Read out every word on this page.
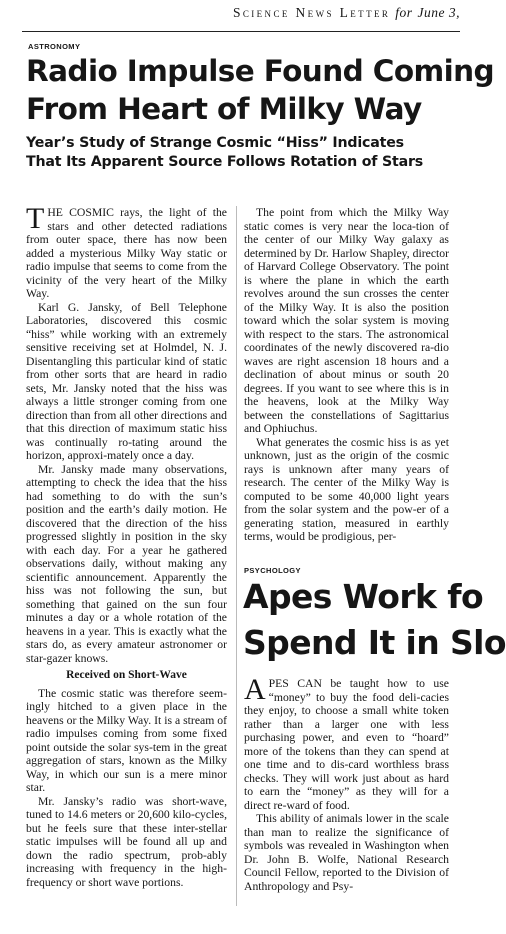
Science News Letter for June 3,
ASTRONOMY
Radio Impulse Found Coming
From Heart of Milky Way
Year’s Study of Strange Cosmic “Hiss” Indicates
That Its Apparent Source Follows Rotation of Stars

THE COSMIC rays, the light of the stars and other detected radiations from outer space, there has now been added a mysterious Milky Way static or radio impulse that seems to come from the vicinity of the very heart of the Milky Way.

Karl G. Jansky, of Bell Telephone Laboratories, discovered this cosmic “hiss” while working with an extremely sensitive receiving set at Holmdel, N. J. Disentangling this particular kind of static from other sorts that are heard in radio sets, Mr. Jansky noted that the hiss was always a little stronger coming from one direction than from all other directions and that this direction of maximum static hiss was continually ro-tating around the horizon, approxi-mately once a day.

Mr. Jansky made many observations, attempting to check the idea that the hiss had something to do with the sun’s position and the earth’s daily motion. He discovered that the direction of the hiss progressed slightly in position in the sky with each day. For a year he gathered observations daily, without making any scientific announcement. Apparently the hiss was not following the sun, but something that gained on the sun four minutes a day or a whole rotation of the heavens in a year. This is exactly what the stars do, as every amateur astronomer or star-gazer knows.

Received on Short-Wave

The cosmic static was therefore seem-ingly hitched to a given place in the heavens or the Milky Way. It is a stream of radio impulses coming from some fixed point outside the solar sys-tem in the great aggregation of stars, known as the Milky Way, in which our sun is a mere minor star.

Mr. Jansky’s radio was short-wave, tuned to 14.6 meters or 20,600 kilo-cycles, but he feels sure that these inter-stellar static impulses will be found all up and down the radio spectrum, prob-ably increasing with frequency in the high-frequency or short wave portions.

The point from which the Milky Way static comes is very near the loca-tion of the center of our Milky Way galaxy as determined by Dr. Harlow Shapley, director of Harvard College Observatory. The point is where the plane in which the earth revolves around the sun crosses the center of the Milky Way. It is also the position toward which the solar system is moving with respect to the stars. The astronomical coordinates of the newly discovered ra-dio waves are right ascension 18 hours and a declination of about minus or south 20 degrees. If you want to see where this is in the heavens, look at the Milky Way between the constellations of Sagittarius and Ophiuchus.

What generates the cosmic hiss is as yet unknown, just as the origin of the cosmic rays is unknown after many years of research. The center of the Milky Way is computed to be some 40,000 light years from the solar system and the pow-er of a generating station, measured in earthly terms, would be prodigious, per-

PSYCHOLOGY
Apes Work fo
Spend It in Slo

APES CAN be taught how to use “money” to buy the food deli-cacies they enjoy, to choose a small white token rather than a larger one with less purchasing power, and even to “hoard” more of the tokens than they can spend at one time and to dis-card worthless brass checks. They will work just about as hard to earn the “money” as they will for a direct re-ward of food.

This ability of animals lower in the scale than man to realize the significance of symbols was revealed in Washington when Dr. John B. Wolfe, National Research Council Fellow, reported to the Division of Anthropology and Psy-
